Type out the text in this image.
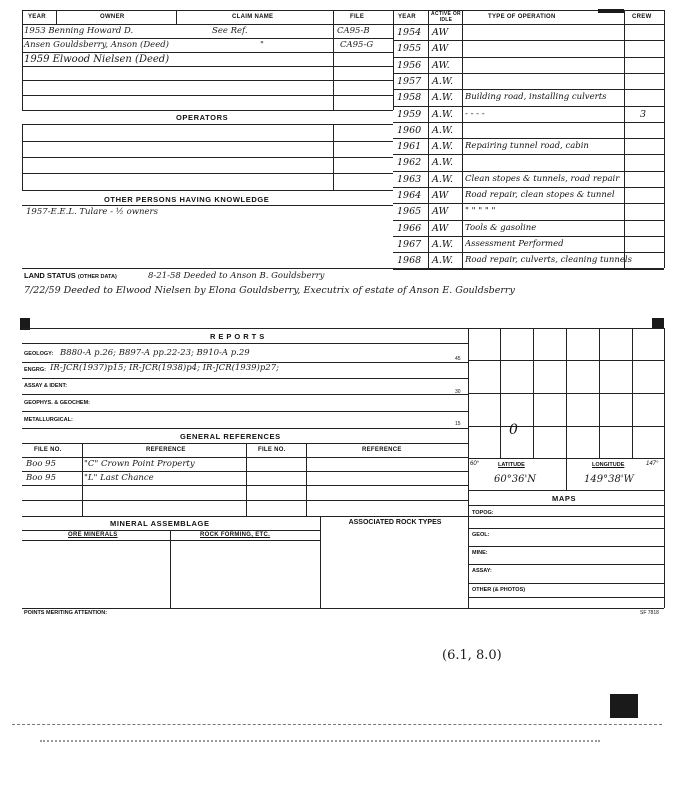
YEAR	OWNER	CLAIM NAME	FILE
1953 Benning Howard D.	See Ref.	CA95-B
Ansen Gouldsberry, Anson (Deed)	"	CA95-G
1959 Elwood Nielsen (Deed)
OPERATORS
OTHER PERSONS HAVING KNOWLEDGE
1957-E.E.L. Tulare - ½ owners
YEAR	ACTIVE OR IDLE	TYPE OF OPERATION	CREW
1954 AW
1955 AW
1956 AW.
1957 A.W.
1958 A.W. Building road, installing culverts
1959 A.W. - - - -	3
1960 A.W.
1961 A.W. Repairing tunnel road, cabin
1962 A.W.
1963 A.W. Clean stopes & tunnels, road repair
1964 AW Road repair, clean stopes & tunnel
1965 AW " " " " "
1966 AW Tools & gasoline
1967 A.W. Assessment Performed
1968 A.W. Road repair, culverts, cleaning tunnels
LAND STATUS (OTHER DATA)	8-21-58 Deeded to Anson B. Gouldsberry
7/22/59 Deeded to Elwood Nielsen by Elona Gouldsberry, Executrix of estate of Anson E. Gouldsberry
REPORTS
GEOLOGY: B880-A p.26; B897-A pp.22-23; B910-A p.29
45
ENGRG: IR-JCR(1937)p15; IR-JCR(1938)p4; IR-JCR(1939)p27;
ASSAY & IDENT:
30
GEOPHYS. & GEOCHEM:
METALLURGICAL:
15
GENERAL REFERENCES
FILE NO.	REFERENCE	FILE NO.	REFERENCE
Boo 95	"C" Crown Point Property
Boo 95	"L" Last Chance
0
60°	LATITUDE	LONGITUDE	147°
60°36'N	149°38'W
MAPS
TOPOG:
GEOL:
MINE:
ASSAY:
OTHER (& PHOTOS)
MINERAL ASSEMBLAGE	ASSOCIATED ROCK TYPES
ORE MINERALS	ROCK FORMING, ETC.
POINTS MERITING ATTENTION:	SF 7818
(6.1, 8.0)
